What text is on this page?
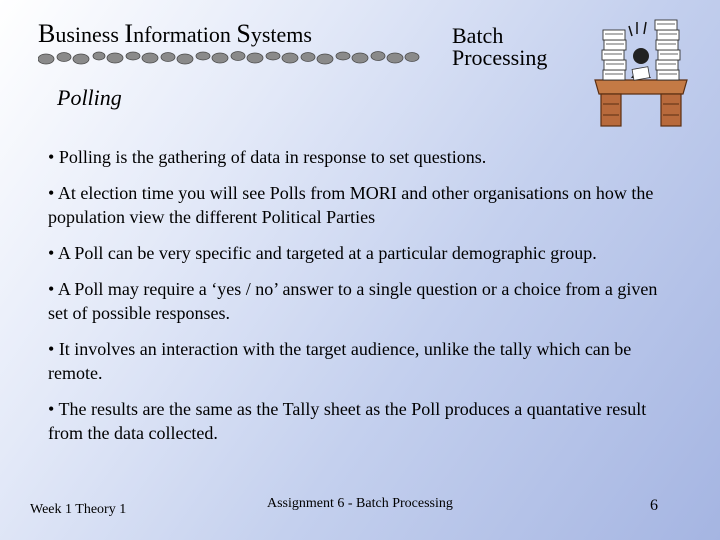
Business Information Systems	Batch
Processing
Polling
• Polling is the gathering of data in response to set questions.
• At election time you will see Polls from MORI and other organisations on how the population view the different Political Parties
• A Poll can be very specific and targeted at a particular demographic group.
• A Poll may require a ‘yes / no’ answer to a single question or a choice from a given set of possible responses.
• It involves an interaction with the target audience, unlike the tally which can be remote.
• The results are the same as the Tally sheet as the Poll produces a quantative result from the data collected.
Week 1 Theory 1	Assignment 6 - Batch Processing	6
